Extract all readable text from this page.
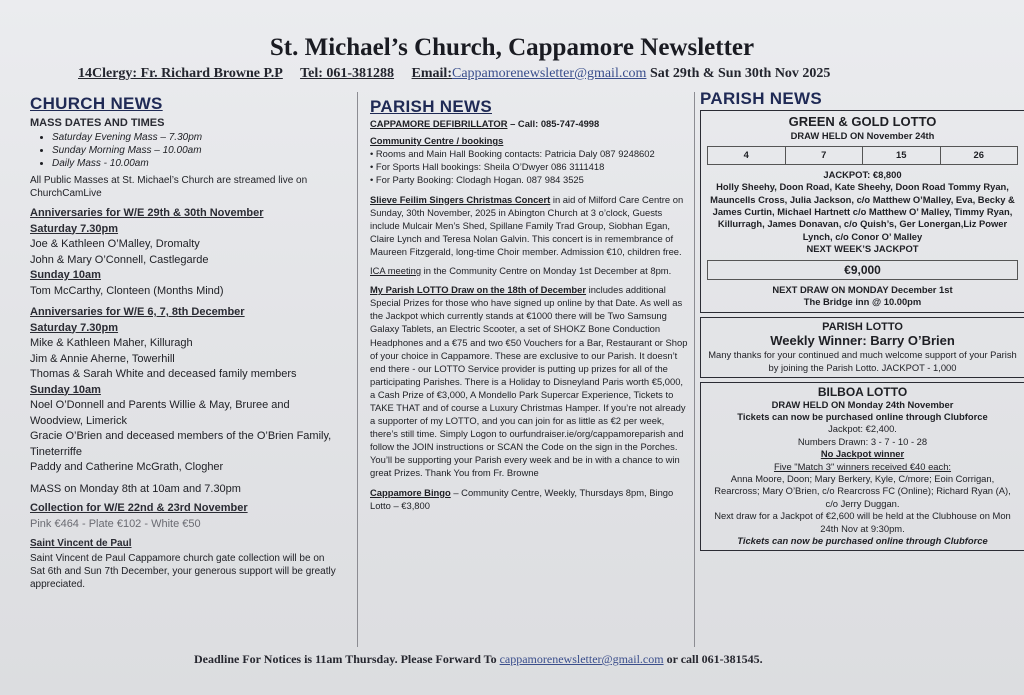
St. Michael’s Church, Cappamore Newsletter
14Clergy: Fr. Richard Browne P.P Tel: 061-381288 Email:Cappamorenewsletter@gmail.com Sat 29th & Sun 30th Nov 2025
CHURCH NEWS
MASS DATES AND TIMES
• Saturday Evening Mass – 7.30pm
• Sunday Morning Mass – 10.00am
• Daily Mass - 10.00am
All Public Masses at St. Michael’s Church are streamed live on ChurchCamLive
Anniversaries for W/E 29th & 30th November
Saturday 7.30pm
Joe & Kathleen O’Malley, Dromalty
John & Mary O’Connell, Castlegarde
Sunday 10am
Tom McCarthy, Clonteen (Months Mind)
Anniversaries for W/E 6, 7, 8th December
Saturday 7.30pm
Mike & Kathleen Maher, Killuragh
Jim & Annie Aherne, Towerhill
Thomas & Sarah White and deceased family members
Sunday 10am
Noel O’Donnell and Parents Willie & May, Bruree and Woodview, Limerick
Gracie O’Brien and deceased members of the O’Brien Family, Tineterriffe
Paddy and Catherine McGrath, Clogher
MASS on Monday 8th at 10am and 7.30pm
Collection for W/E 22nd & 23rd November
Pink €464 - Plate €102 - White €50
Saint Vincent de Paul
Saint Vincent de Paul Cappamore church gate collection will be on Sat 6th and Sun 7th December, your generous support will be greatly appreciated.
PARISH NEWS
CAPPAMORE DEFIBRILLATOR – Call: 085-747-4998
Community Centre / bookings
• Rooms and Main Hall Booking contacts: Patricia Daly 087 9248602
• For Sports Hall bookings: Sheila O’Dwyer 086 3111418
• For Party Booking: Clodagh Hogan. 087 984 3525
Slieve Feilim Singers Christmas Concert in aid of Milford Care Centre on Sunday, 30th November, 2025 in Abington Church at 3 o’clock, Guests include Mulcair Men’s Shed, Spillane Family Trad Group, Siobhan Egan, Claire Lynch and Teresa Nolan Galvin. This concert is in remembrance of Maureen Fitzgerald, long-time Choir member. Admission €10, children free.
ICA meeting in the Community Centre on Monday 1st December at 8pm.
My Parish LOTTO Draw on the 18th of December includes additional Special Prizes for those who have signed up online by that Date. As well as the Jackpot which currently stands at €1000 there will be Two Samsung Galaxy Tablets, an Electric Scooter, a set of SHOKZ Bone Conduction Headphones and a €75 and two €50 Vouchers for a Bar, Restaurant or Shop of your choice in Cappamore. These are exclusive to our Parish. It doesn’t end there - our LOTTO Service provider is putting up prizes for all of the participating Parishes. There is a Holiday to Disneyland Paris worth €5,000, a Cash Prize of €3,000, A Mondello Park Supercar Experience, Tickets to TAKE THAT and of course a Luxury Christmas Hamper. If you’re not already a supporter of my LOTTO, and you can join for as little as €2 per week, there’s still time. Simply Logon to ourfundraiser.ie/org/cappamoreparish and follow the JOIN instructions or SCAN the Code on the sign in the Porches. You’ll be supporting your Parish every week and be in with a chance to win great Prizes. Thank You from Fr. Browne
Cappamore Bingo – Community Centre, Weekly, Thursdays 8pm, Bingo Lotto – €3,800
PARISH NEWS
GREEN & GOLD LOTTO
DRAW HELD ON November 24th
4	7	15	26
JACKPOT: €8,800
Holly Sheehy, Doon Road, Kate Sheehy, Doon Road Tommy Ryan, Mauncells Cross, Julia Jackson, c/o Matthew O’Malley, Eva, Becky & James Curtin, Michael Hartnett c/o Matthew O’ Malley, Timmy Ryan, Killurragh, James Donavan, c/o Quish’s, Ger Lonergan,Liz Power Lynch, c/o Conor O’ Malley
NEXT WEEK’S JACKPOT
€9,000
NEXT DRAW ON MONDAY December 1st
The Bridge inn @ 10.00pm
PARISH LOTTO
Weekly Winner: Barry O’Brien
Many thanks for your continued and much welcome support of your Parish by joining the Parish Lotto. JACKPOT - 1,000
BILBOA LOTTO
DRAW HELD ON Monday 24th November
Tickets can now be purchased online through Clubforce
Jackpot: €2,400.
Numbers Drawn: 3 - 7 - 10 - 28
No Jackpot winner
Five "Match 3" winners received €40 each:
Anna Moore, Doon; Mary Berkery, Kyle, C/more; Eoin Corrigan, Rearcross; Mary O’Brien, c/o Rearcross FC (Online); Richard Ryan (A), c/o Jerry Duggan.
Next draw for a Jackpot of €2,600 will be held at the Clubhouse on Mon 24th Nov at 9:30pm.
Tickets can now be purchased online through Clubforce
Deadline For Notices is 11am Thursday. Please Forward To cappamorenewsletter@gmail.com or call 061-381545.
